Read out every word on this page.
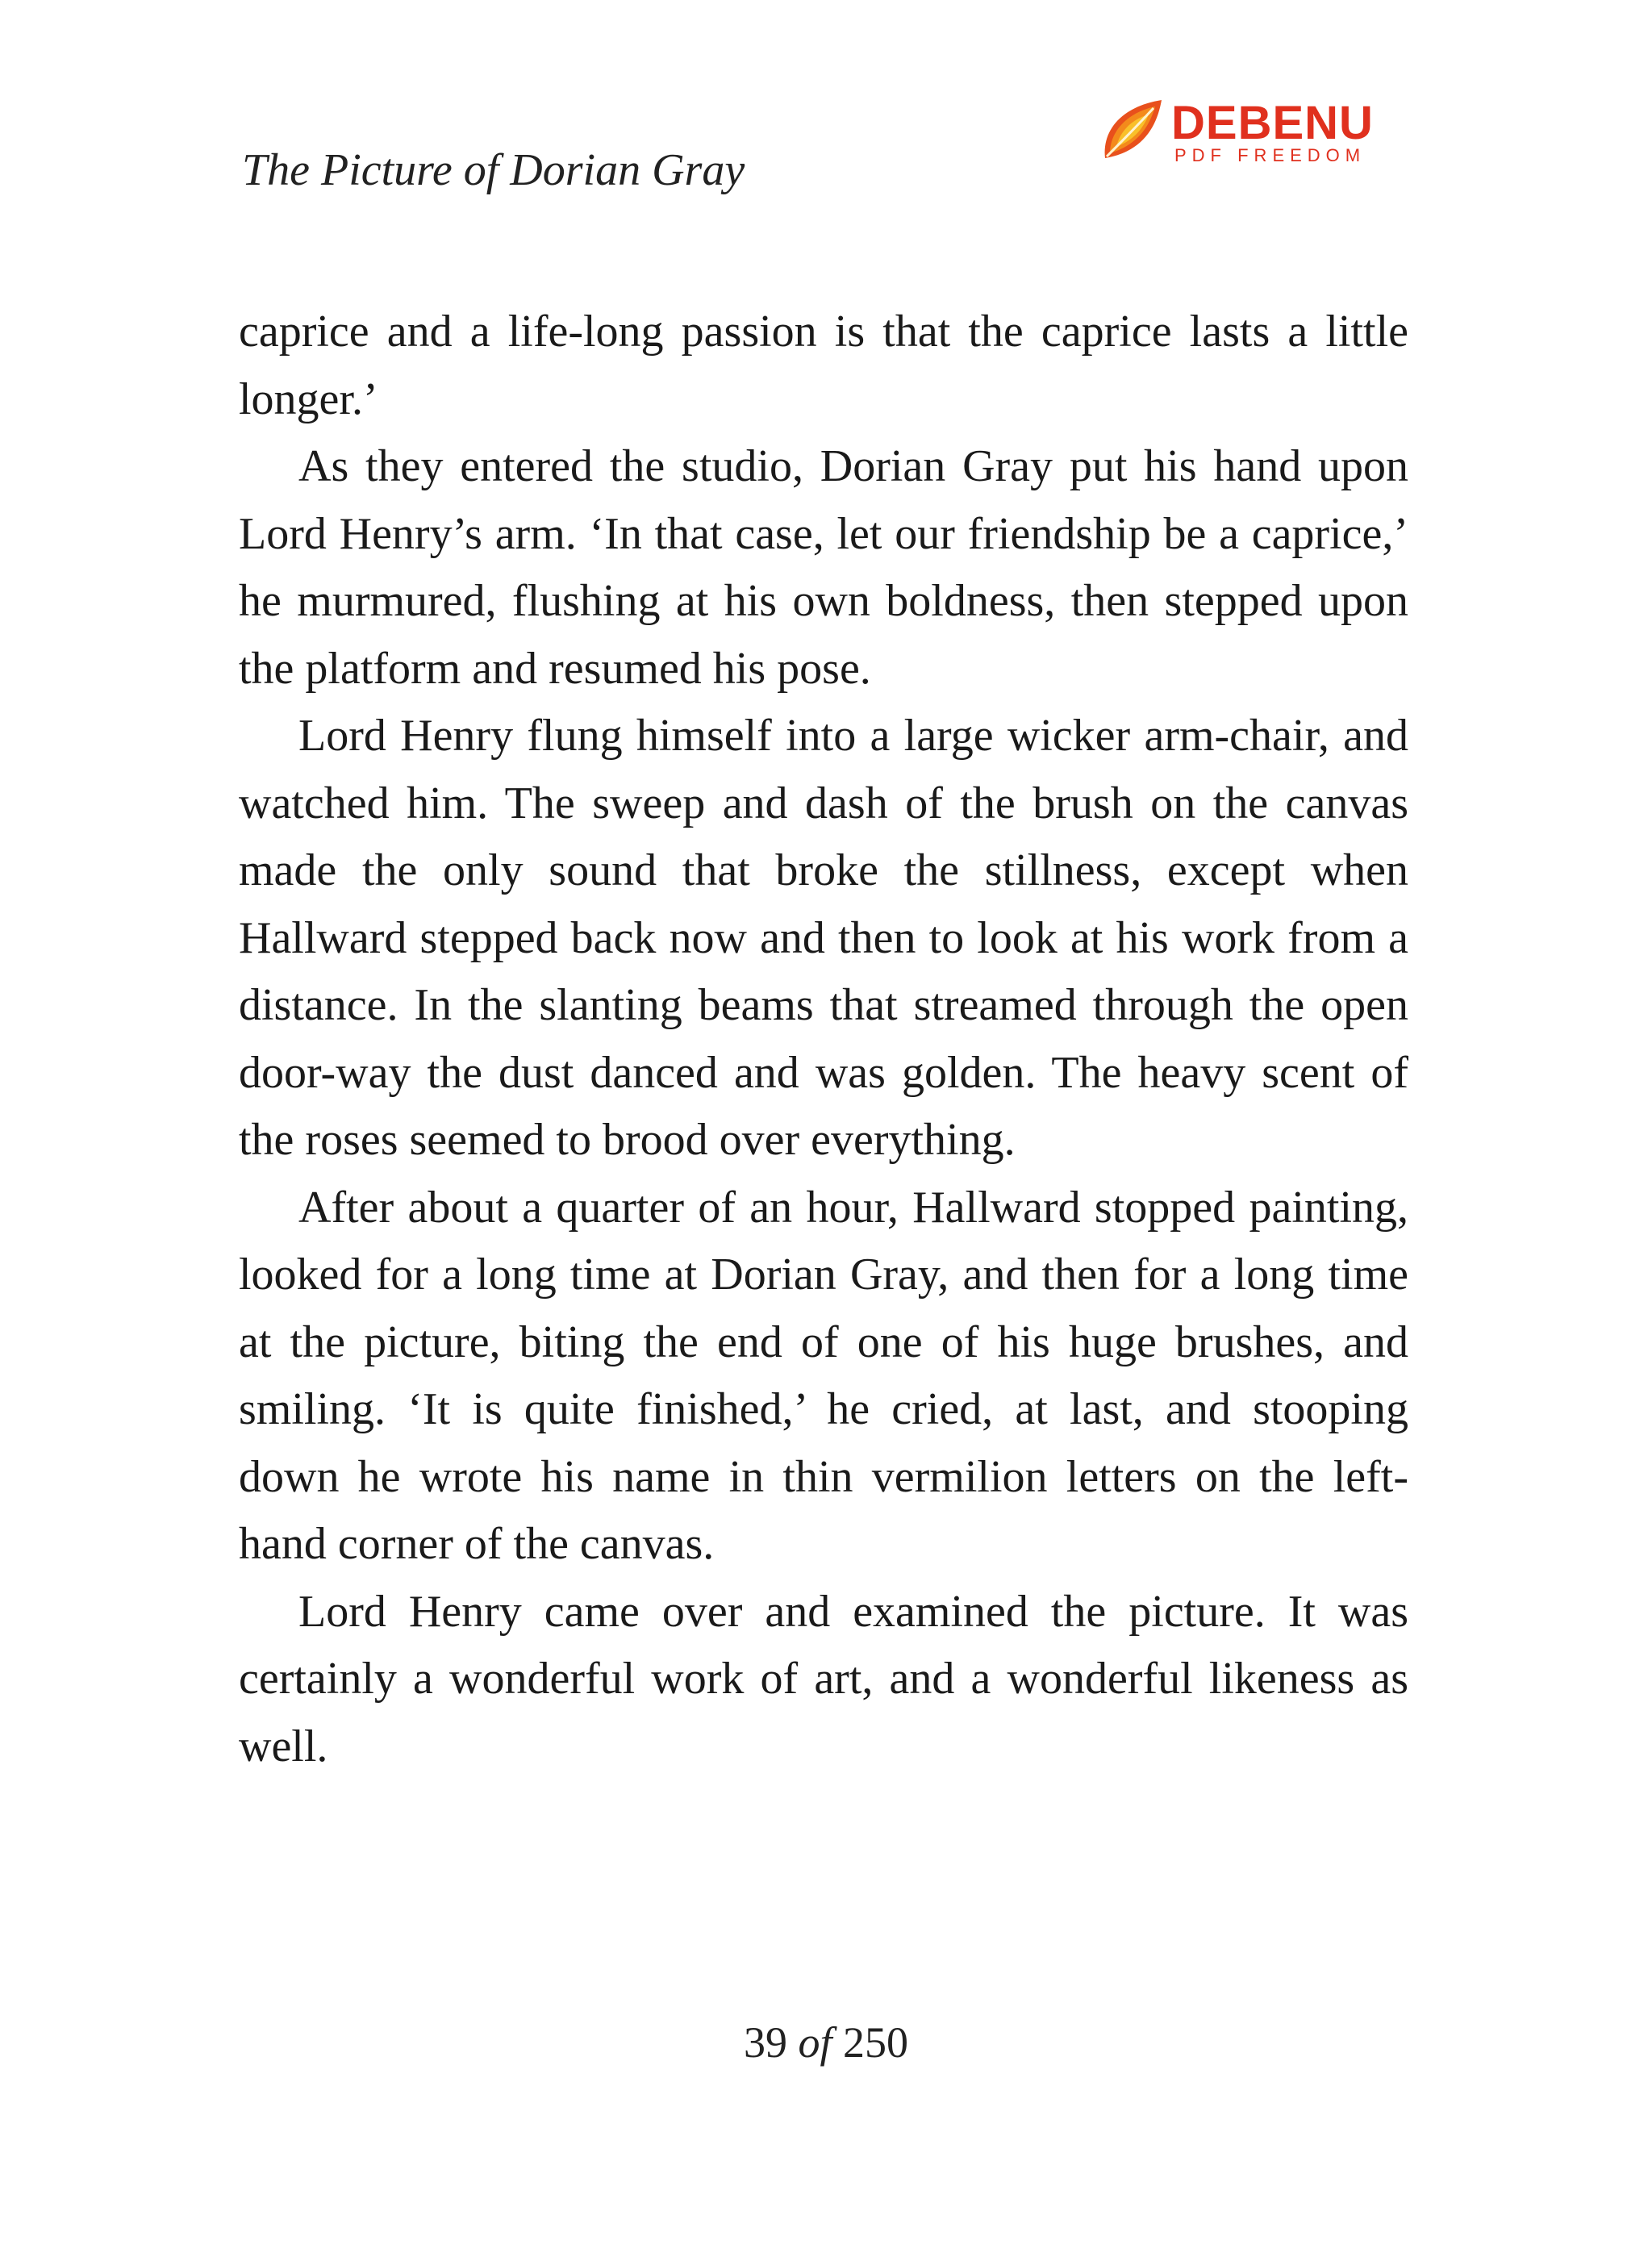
The Picture of Dorian Gray
DEBENU
PDF FREEDOM

caprice and a life-long passion is that the caprice lasts a little longer.’

As they entered the studio, Dorian Gray put his hand upon Lord Henry’s arm. ‘In that case, let our friendship be a caprice,’ he murmured, flushing at his own boldness, then stepped upon the platform and resumed his pose.

Lord Henry flung himself into a large wicker arm-chair, and watched him. The sweep and dash of the brush on the canvas made the only sound that broke the stillness, except when Hallward stepped back now and then to look at his work from a distance. In the slanting beams that streamed through the open door-way the dust danced and was golden. The heavy scent of the roses seemed to brood over everything.

After about a quarter of an hour, Hallward stopped painting, looked for a long time at Dorian Gray, and then for a long time at the picture, biting the end of one of his huge brushes, and smiling. ‘It is quite finished,’ he cried, at last, and stooping down he wrote his name in thin vermilion letters on the left-hand corner of the canvas.

Lord Henry came over and examined the picture. It was certainly a wonderful work of art, and a wonderful likeness as well.

39 of 250
